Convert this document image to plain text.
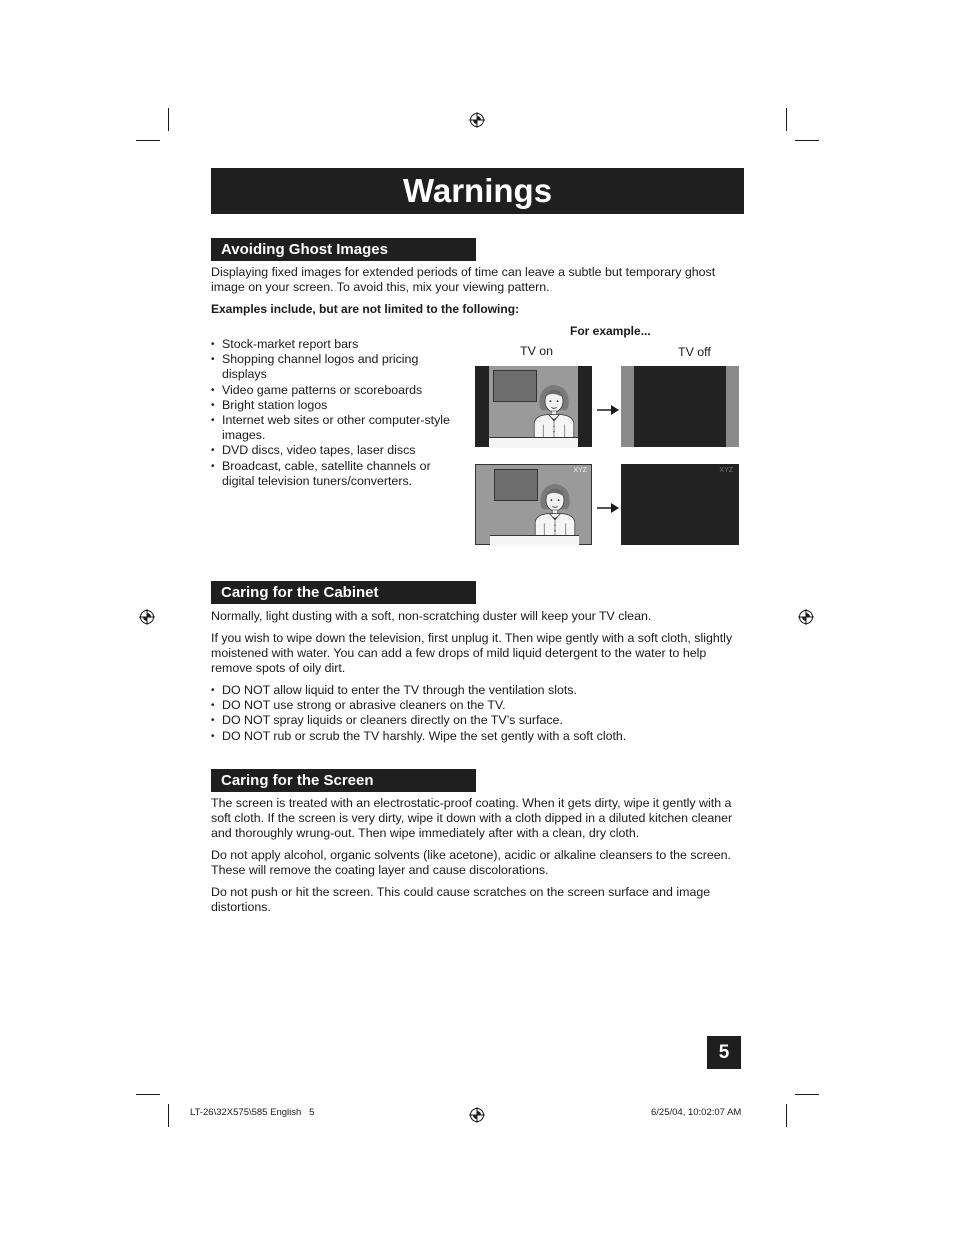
Warnings
Avoiding Ghost Images

Displaying fixed images for extended periods of time can leave a subtle but temporary ghost image on your screen. To avoid this, mix your viewing pattern.

Examples include, but are not limited to the following:

• Stock-market report bars
• Shopping channel logos and pricing displays
• Video game patterns or scoreboards
• Bright station logos
• Internet web sites or other computer-style images.
• DVD discs, video tapes, laser discs
• Broadcast, cable, satellite channels or digital television tuners/converters.
For example...
TV on	TV off
XYZ	XYZ
Caring for the Cabinet

Normally, light dusting with a soft, non-scratching duster will keep your TV clean.

If you wish to wipe down the television, first unplug it. Then wipe gently with a soft cloth, slightly moistened with water. You can add a few drops of mild liquid detergent to the water to help remove spots of oily dirt.

• DO NOT allow liquid to enter the TV through the ventilation slots.
• DO NOT use strong or abrasive cleaners on the TV.
• DO NOT spray liquids or cleaners directly on the TV’s surface.
• DO NOT rub or scrub the TV harshly. Wipe the set gently with a soft cloth.
Caring for the Screen

The screen is treated with an electrostatic-proof coating. When it gets dirty, wipe it gently with a soft cloth. If the screen is very dirty, wipe it down with a cloth dipped in a diluted kitchen cleaner and thoroughly wrung-out. Then wipe immediately after with a clean, dry cloth.

Do not apply alcohol, organic solvents (like acetone), acidic or alkaline cleansers to the screen. These will remove the coating layer and cause discolorations.

Do not push or hit the screen. This could cause scratches on the screen surface and image distortions.

5
LT-26\32X575\585 English   5	6/25/04, 10:02:07 AM
